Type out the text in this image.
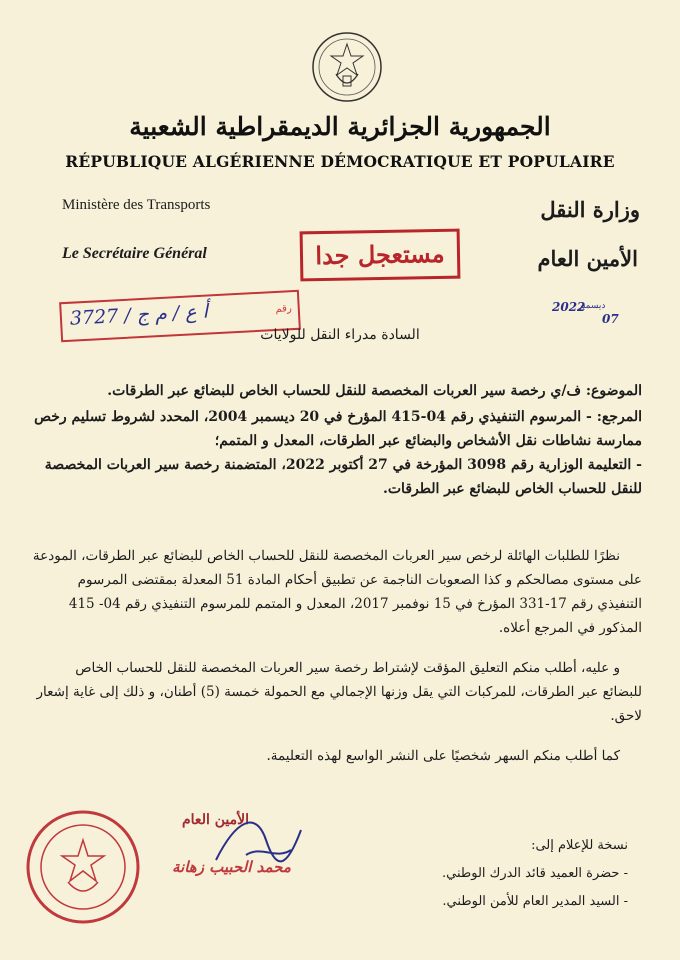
الجمهورية الجزائرية الديمقراطية الشعبية
RÉPUBLIQUE ALGÉRIENNE DÉMOCRATIQUE ET POPULAIRE
Ministère des Transports	وزارة النقل
Le Secrétaire Général	الأمين العام
مستعجل جدا
رقم
3727 / أ ع / م ج	2022
ديسمبر
07
السادة مدراء النقل للولايات
الموضوع: ف/ي رخصة سير العربات المخصصة للنقل للحساب الخاص للبضائع عبر الطرقات.

المرجع: - المرسوم التنفيذي رقم 04-415 المؤرخ في 20 ديسمبر 2004، المحدد لشروط تسليم رخص ممارسة نشاطات نقل الأشخاص والبضائع عبر الطرقات، المعدل و المتمم؛

- التعليمة الوزارية رقم 3098 المؤرخة في 27 أكتوبر 2022، المتضمنة رخصة سير العربات المخصصة للنقل للحساب الخاص للبضائع عبر الطرقات.

نظرًا للطلبات الهائلة لرخص سير العربات المخصصة للنقل للحساب الخاص للبضائع عبر الطرقات، المودعة على مستوى مصالحكم و كذا الصعوبات الناجمة عن تطبيق أحكام المادة 51 المعدلة بمقتضى المرسوم التنفيذي رقم 17-331 المؤرخ في 15 نوفمبر 2017، المعدل و المتمم للمرسوم التنفيذي رقم 04- 415 المذكور في المرجع أعلاه.

و عليه، أطلب منكم التعليق المؤقت لإشتراط رخصة سير العربات المخصصة للنقل للحساب الخاص للبضائع عبر الطرقات، للمركبات التي يقل وزنها الإجمالي مع الحمولة خمسة (5) أطنان، و ذلك إلى غاية إشعار لاحق.

كما أطلب منكم السهر شخصيًا على النشر الواسع لهذه التعليمة.

الأمين العام
محمد الحبيب زهانة
نسخة للإعلام إلى:
- حضرة العميد قائد الدرك الوطني.
- السيد المدير العام للأمن الوطني.
